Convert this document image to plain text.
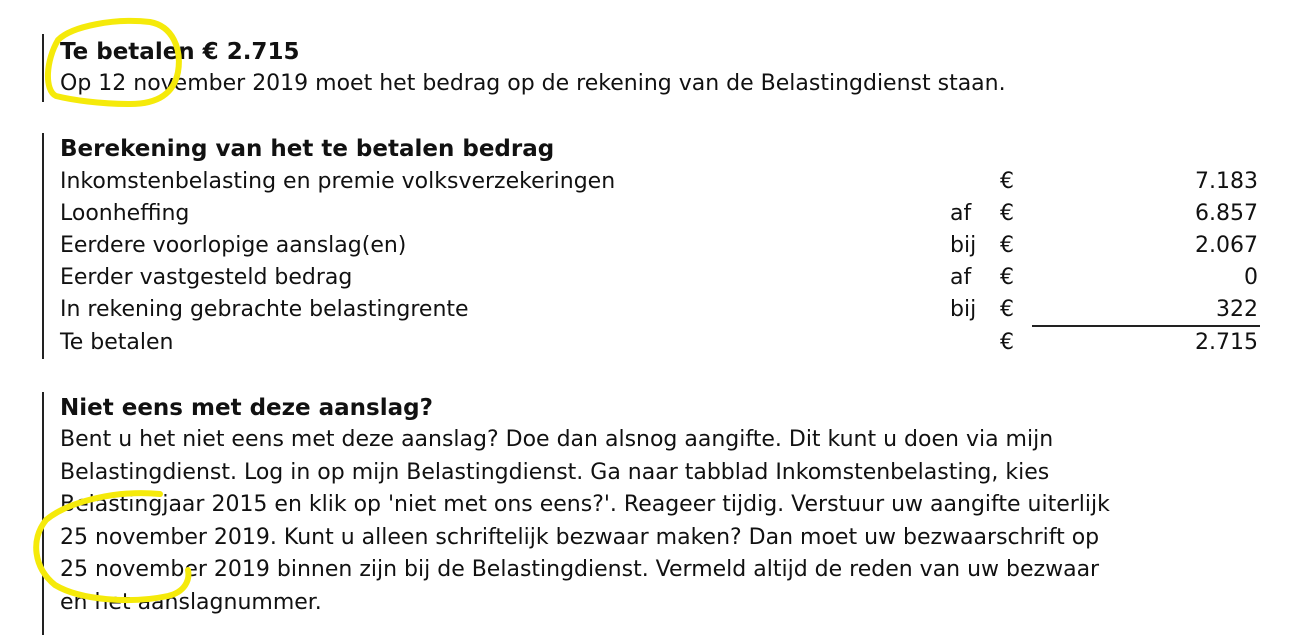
Te betalen € 2.715
Op 12 november 2019 moet het bedrag op de rekening van de Belastingdienst staan.
Berekening van het te betalen bedrag
Inkomstenbelasting en premie volksverzekeringen	€	7.183
Loonheffing	af €	6.857
Eerdere voorlopige aanslag(en)	bij €	2.067
Eerder vastgesteld bedrag	af €	0
In rekening gebrachte belastingrente	bij €	322
Te betalen	€	2.715
Niet eens met deze aanslag?
Bent u het niet eens met deze aanslag? Doe dan alsnog aangifte. Dit kunt u doen via mijn
Belastingdienst. Log in op mijn Belastingdienst. Ga naar tabblad Inkomstenbelasting, kies
Belastingjaar 2015 en klik op 'niet met ons eens?'. Reageer tijdig. Verstuur uw aangifte uiterlijk
25 november 2019. Kunt u alleen schriftelijk bezwaar maken? Dan moet uw bezwaarschrift op
25 november 2019 binnen zijn bij de Belastingdienst. Vermeld altijd de reden van uw bezwaar
en het aanslagnummer.
